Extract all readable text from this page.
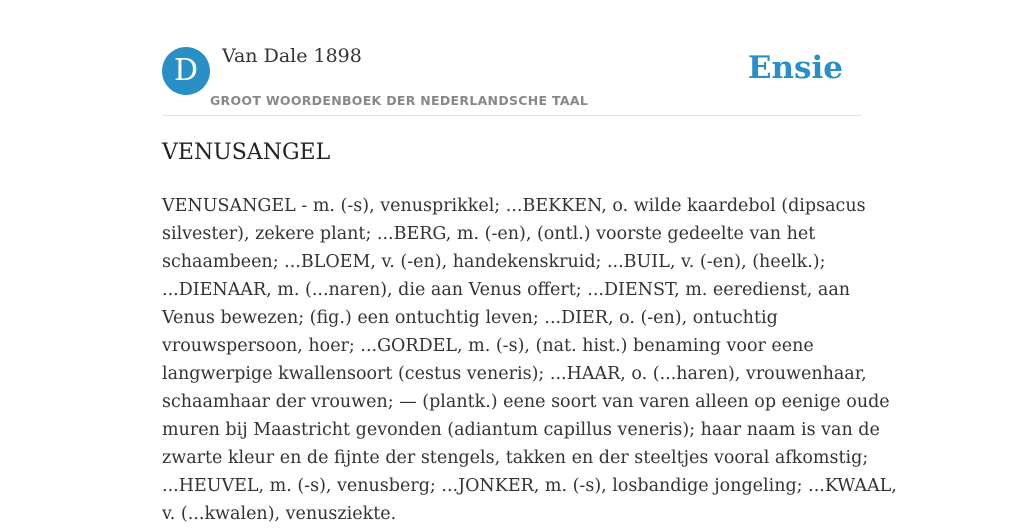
D	Van Dale 1898
GROOT WOORDENBOEK DER NEDERLANDSCHE TAAL
Ensie
VENUSANGEL
VENUSANGEL - m. (-s), venusprikkel; ...BEKKEN, o. wilde kaardebol (dipsacus
silvester), zekere plant; ...BERG, m. (-en), (ontl.) voorste gedeelte van het
schaambeen; ...BLOEM, v. (-en), handekenskruid; ...BUIL, v. (-en), (heelk.);
...DIENAAR, m. (...naren), die aan Venus offert; ...DIENST, m. eeredienst, aan
Venus bewezen; (fig.) een ontuchtig leven; ...DIER, o. (-en), ontuchtig
vrouwspersoon, hoer; ...GORDEL, m. (-s), (nat. hist.) benaming voor eene
langwerpige kwallensoort (cestus veneris); ...HAAR, o. (...haren), vrouwenhaar,
schaamhaar der vrouwen; — (plantk.) eene soort van varen alleen op eenige oude
muren bij Maastricht gevonden (adiantum capillus veneris); haar naam is van de
zwarte kleur en de fijnte der stengels, takken en der steeltjes vooral afkomstig;
...HEUVEL, m. (-s), venusberg; ...JONKER, m. (-s), losbandige jongeling; ...KWAAL,
v. (...kwalen), venusziekte.
